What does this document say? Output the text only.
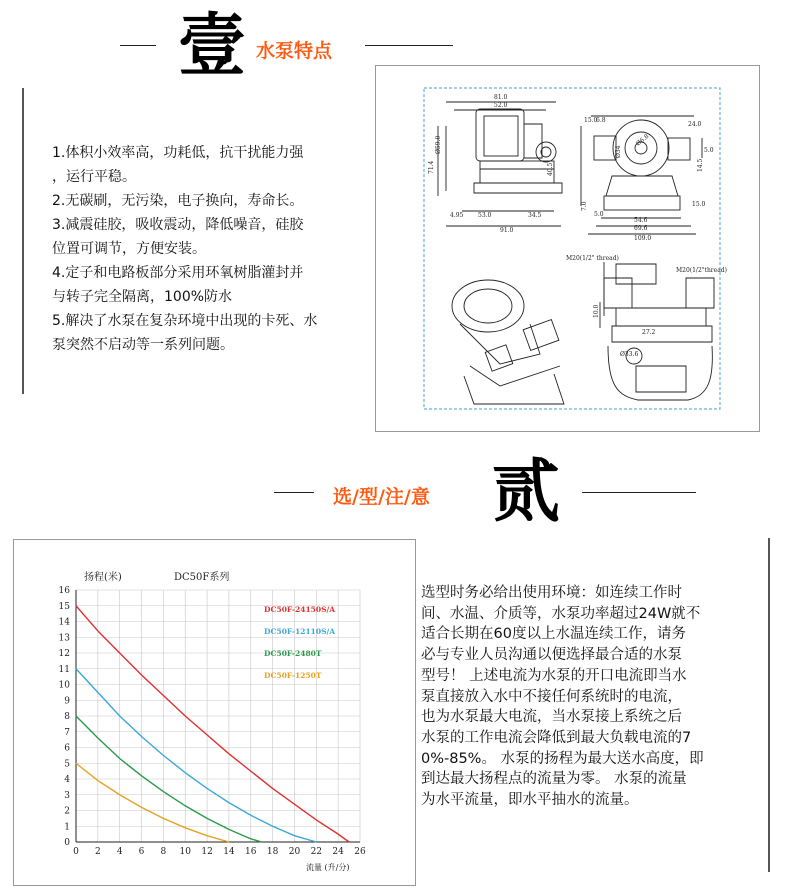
壹 水泵特点
1.体积小效率高，功耗低，抗干扰能力强
，运行平稳。
2.无碳刷，无污染，电子换向，寿命长。
3.减震硅胶，吸收震动，降低噪音，硅胶
位置可调节，方便安装。
4.定子和电路板部分采用环氧树脂灌封并
与转子完全隔离，100%防水
5.解决了水泵在复杂环境中出现的卡死、水
泵突然不启动等一系列问题。
81.0
52.0
Ø59.0
71.4	40.5
4.95 53.0	34.5
91.0
15.0
6.8
24.0
Ø34
Ø6.8
5.0
14.5
7.0
5.0
54.6
69.6
109.0
15.0
M20(1/2" thread)
M20(1/2"thread)
10.0
27.2
Ø33.6
选/型/注/意 贰
扬程(米)	DC50F系列
流量 (升/分)
0
1
2
3
4
5
6
7
8
9
10
11
12
13
14
15
16
0 2 4 6 8 10 12 14 16 18 20 22 24 26
DC50F-24150S/A
DC50F-12110S/A
DC50F-2480T
DC50F-1250T
选型时务必给出使用环境：如连续工作时
间、水温、介质等，水泵功率超过24W就不
适合长期在60度以上水温连续工作，请务
必与专业人员沟通以便选择最合适的水泵
型号！ 上述电流为水泵的开口电流即当水
泵直接放入水中不接任何系统时的电流，
也为水泵最大电流，当水泵接上系统之后
水泵的工作电流会降低到最大负载电流的7
0%-85%。 水泵的扬程为最大送水高度，即
到达最大扬程点的流量为零。 水泵的流量
为水平流量，即水平抽水的流量。
